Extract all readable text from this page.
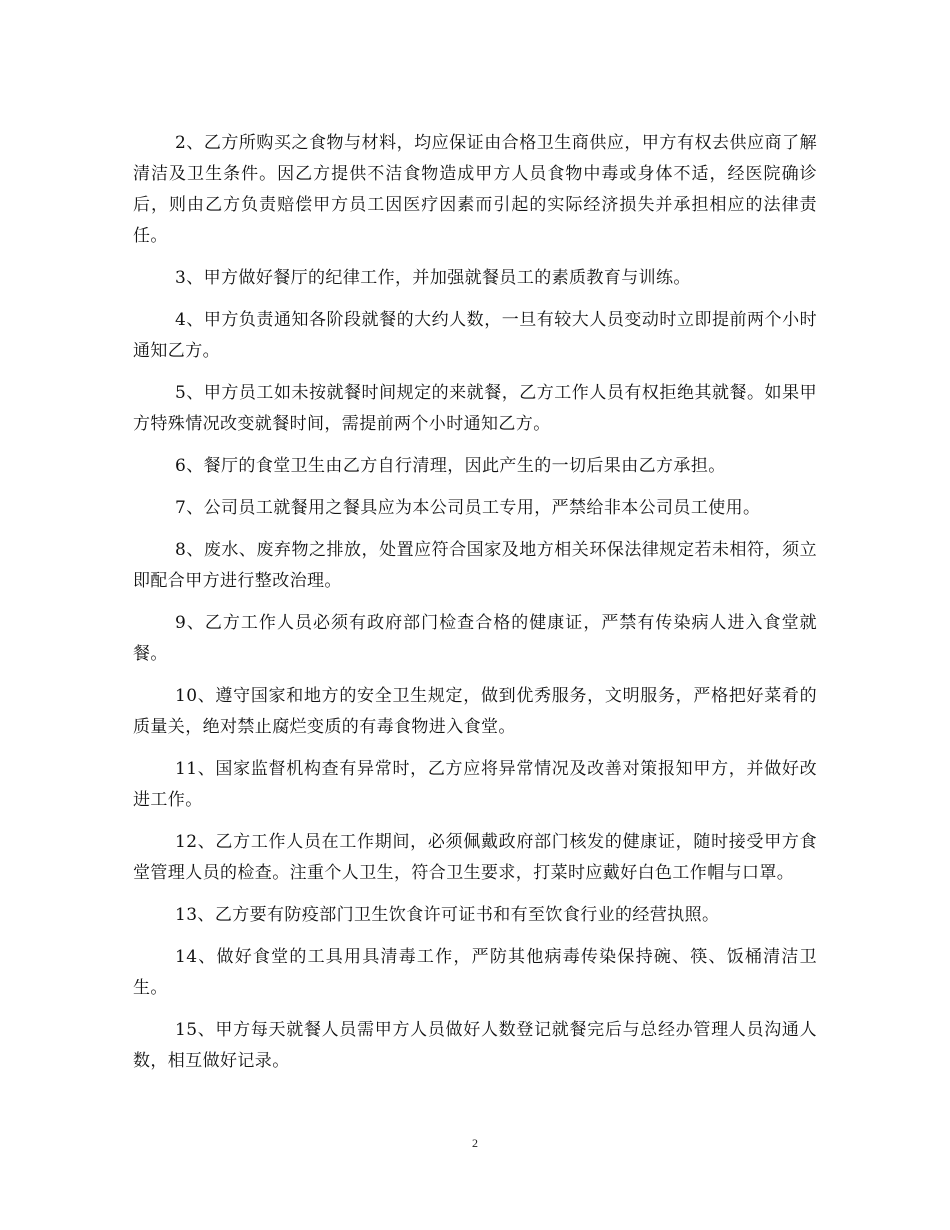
2、乙方所购买之食物与材料，均应保证由合格卫生商供应，甲方有权去供应商了解清洁及卫生条件。因乙方提供不洁食物造成甲方人员食物中毒或身体不适，经医院确诊后，则由乙方负责赔偿甲方员工因医疗因素而引起的实际经济损失并承担相应的法律责任。

3、甲方做好餐厅的纪律工作，并加强就餐员工的素质教育与训练。

4、甲方负责通知各阶段就餐的大约人数，一旦有较大人员变动时立即提前两个小时通知乙方。

5、甲方员工如未按就餐时间规定的来就餐，乙方工作人员有权拒绝其就餐。如果甲方特殊情况改变就餐时间，需提前两个小时通知乙方。

6、餐厅的食堂卫生由乙方自行清理，因此产生的一切后果由乙方承担。

7、公司员工就餐用之餐具应为本公司员工专用，严禁给非本公司员工使用。

8、废水、废弃物之排放，处置应符合国家及地方相关环保法律规定若未相符，须立即配合甲方进行整改治理。

9、乙方工作人员必须有政府部门检查合格的健康证，严禁有传染病人进入食堂就餐。

10、遵守国家和地方的安全卫生规定，做到优秀服务，文明服务，严格把好菜肴的质量关，绝对禁止腐烂变质的有毒食物进入食堂。

11、国家监督机构查有异常时，乙方应将异常情况及改善对策报知甲方，并做好改进工作。

12、乙方工作人员在工作期间，必须佩戴政府部门核发的健康证，随时接受甲方食堂管理人员的检查。注重个人卫生，符合卫生要求，打菜时应戴好白色工作帽与口罩。

13、乙方要有防疫部门卫生饮食许可证书和有至饮食行业的经营执照。

14、做好食堂的工具用具清毒工作，严防其他病毒传染保持碗、筷、饭桶清洁卫生。

15、甲方每天就餐人员需甲方人员做好人数登记就餐完后与总经办管理人员沟通人数，相互做好记录。

2
